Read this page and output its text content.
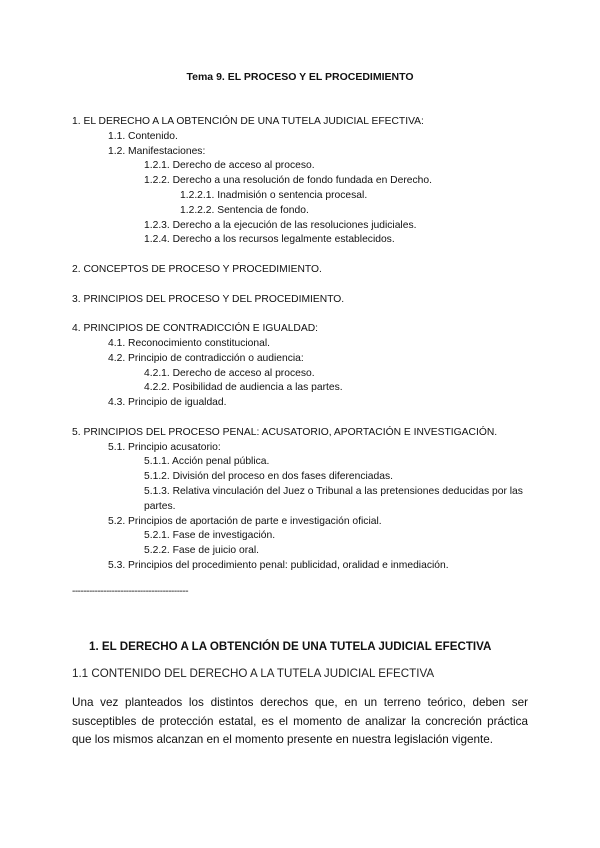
Tema 9. EL PROCESO Y EL PROCEDIMIENTO
1. EL DERECHO A LA OBTENCIÓN DE UNA TUTELA JUDICIAL EFECTIVA:
1.1. Contenido.
1.2. Manifestaciones:
1.2.1. Derecho de acceso al proceso.
1.2.2. Derecho a una resolución de fondo fundada en Derecho.
1.2.2.1. Inadmisión o sentencia procesal.
1.2.2.2. Sentencia de fondo.
1.2.3. Derecho a la ejecución de las resoluciones judiciales.
1.2.4. Derecho a los recursos legalmente establecidos.
2. CONCEPTOS DE PROCESO Y PROCEDIMIENTO.
3. PRINCIPIOS DEL PROCESO Y DEL PROCEDIMIENTO.
4. PRINCIPIOS DE CONTRADICCIÓN E IGUALDAD:
4.1. Reconocimiento constitucional.
4.2. Principio de contradicción o audiencia:
4.2.1. Derecho de acceso al proceso.
4.2.2. Posibilidad de audiencia a las partes.
4.3. Principio de igualdad.
5. PRINCIPIOS DEL PROCESO PENAL: ACUSATORIO, APORTACIÓN E INVESTIGACIÓN.
5.1. Principio acusatorio:
5.1.1. Acción penal pública.
5.1.2. División del proceso en dos fases diferenciadas.
5.1.3. Relativa vinculación del Juez o Tribunal a las pretensiones deducidas por las partes.
5.2. Principios de aportación de parte e investigación oficial.
5.2.1. Fase de investigación.
5.2.2. Fase de juicio oral.
5.3. Principios del procedimiento penal: publicidad, oralidad e inmediación.
-----------------------------------------
1. EL DERECHO A LA OBTENCIÓN DE UNA TUTELA JUDICIAL EFECTIVA
1.1 CONTENIDO DEL DERECHO A LA TUTELA JUDICIAL EFECTIVA
Una vez planteados los distintos derechos que, en un terreno teórico, deben ser susceptibles de protección estatal, es el momento de analizar la concreción práctica que los mismos alcanzan en el momento presente en nuestra legislación vigente.
